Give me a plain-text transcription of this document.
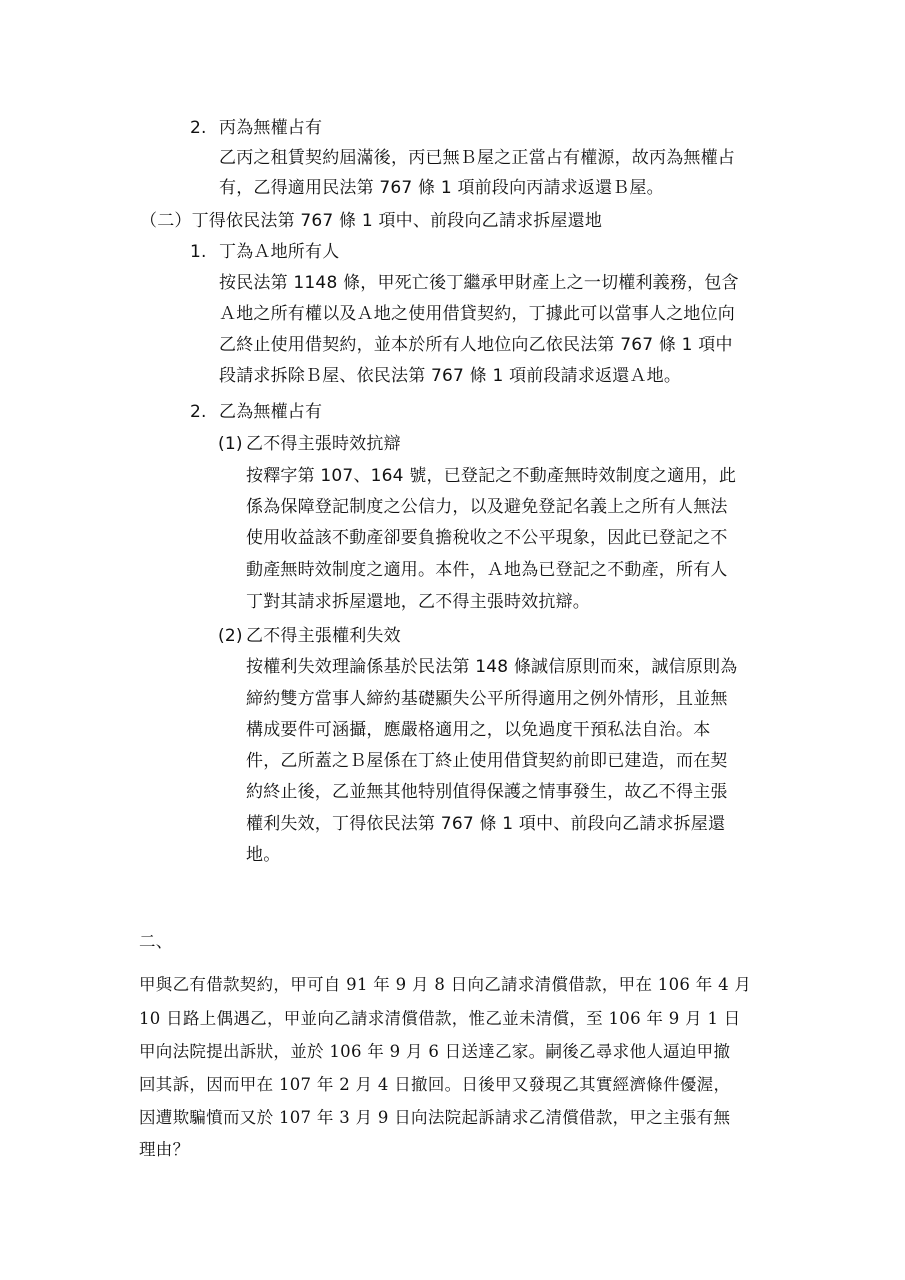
2. 丙為無權占有
乙丙之租賃契約屆滿後，丙已無Ｂ屋之正當占有權源，故丙為無權占
有，乙得適用民法第 767 條 1 項前段向丙請求返還Ｂ屋。
（二）丁得依民法第 767 條 1 項中、前段向乙請求拆屋還地
1. 丁為Ａ地所有人
按民法第 1148 條，甲死亡後丁繼承甲財產上之一切權利義務，包含
Ａ地之所有權以及Ａ地之使用借貸契約，丁據此可以當事人之地位向
乙終止使用借契約，並本於所有人地位向乙依民法第 767 條 1 項中
段請求拆除Ｂ屋、依民法第 767 條 1 項前段請求返還Ａ地。
2. 乙為無權占有
(1) 乙不得主張時效抗辯
按釋字第 107、164 號，已登記之不動產無時效制度之適用，此
係為保障登記制度之公信力，以及避免登記名義上之所有人無法
使用收益該不動產卻要負擔稅收之不公平現象，因此已登記之不
動產無時效制度之適用。本件，Ａ地為已登記之不動產，所有人
丁對其請求拆屋還地，乙不得主張時效抗辯。
(2) 乙不得主張權利失效
按權利失效理論係基於民法第 148 條誠信原則而來，誠信原則為
締約雙方當事人締約基礎顯失公平所得適用之例外情形，且並無
構成要件可涵攝，應嚴格適用之，以免過度干預私法自治。本
件，乙所蓋之Ｂ屋係在丁終止使用借貸契約前即已建造，而在契
約終止後，乙並無其他特別值得保護之情事發生，故乙不得主張
權利失效，丁得依民法第 767 條 1 項中、前段向乙請求拆屋還
地。
二、
甲與乙有借款契約，甲可自 91 年 9 月 8 日向乙請求清償借款，甲在 106 年 4 月
10 日路上偶遇乙，甲並向乙請求清償借款，惟乙並未清償，至 106 年 9 月 1 日
甲向法院提出訴狀，並於 106 年 9 月 6 日送達乙家。嗣後乙尋求他人逼迫甲撤
回其訴，因而甲在 107 年 2 月 4 日撤回。日後甲又發現乙其實經濟條件優渥，
因遭欺騙憤而又於 107 年 3 月 9 日向法院起訴請求乙清償借款，甲之主張有無
理由？
